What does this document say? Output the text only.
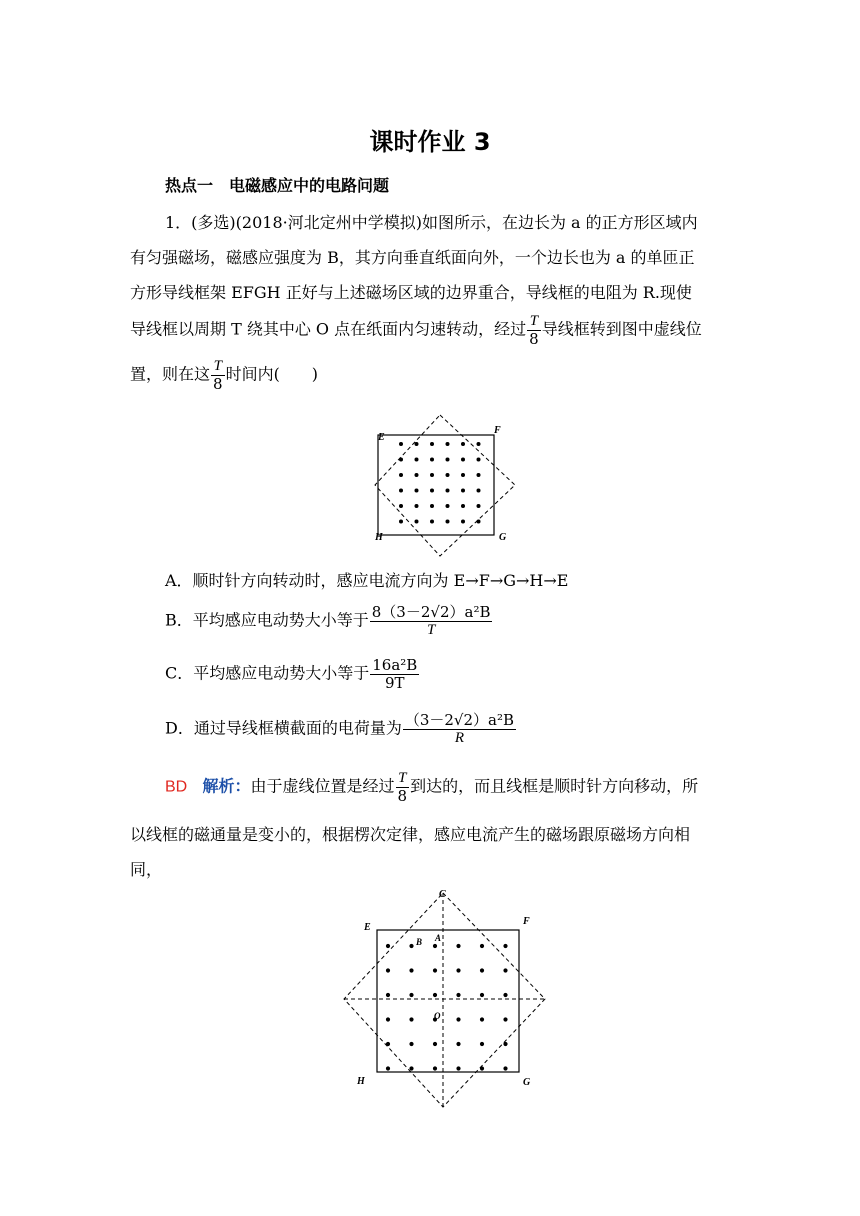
课时作业 3
热点一　电磁感应中的电路问题
1．(多选)(2018·河北定州中学模拟)如图所示，在边长为 a 的正方形区域内
有匀强磁场，磁感应强度为 B，其方向垂直纸面向外，一个边长也为 a 的单匝正
方形导线框架 EFGH 正好与上述磁场区域的边界重合，导线框的电阻为 R.现使
导线框以周期 T 绕其中心 O 点在纸面内匀速转动，经过 $\frac{T}{8}$ 导线框转到图中虚线位
置，则在这 $\frac{T}{8}$ 时间内(　　)
E
F
G
H
A．顺时针方向转动时，感应电流方向为 E→F→G→H→E
B．平均感应电动势大小等于 $\frac{\text{8（3－2√2）a²B}}{T}$
C．平均感应电动势大小等于 $\frac{\text{16a²B}}{9T}$
D．通过导线框横截面的电荷量为 $\frac{\text{（3－2√2）a²B}}{R}$
BD 解析：由于虚线位置是经过 $\frac{T}{8}$ 到达的，而且线框是顺时针方向移动，所
以线框的磁通量是变小的，根据楞次定律，感应电流产生的磁场跟原磁场方向相
同，
C
E
F
G
H
A
B
O
